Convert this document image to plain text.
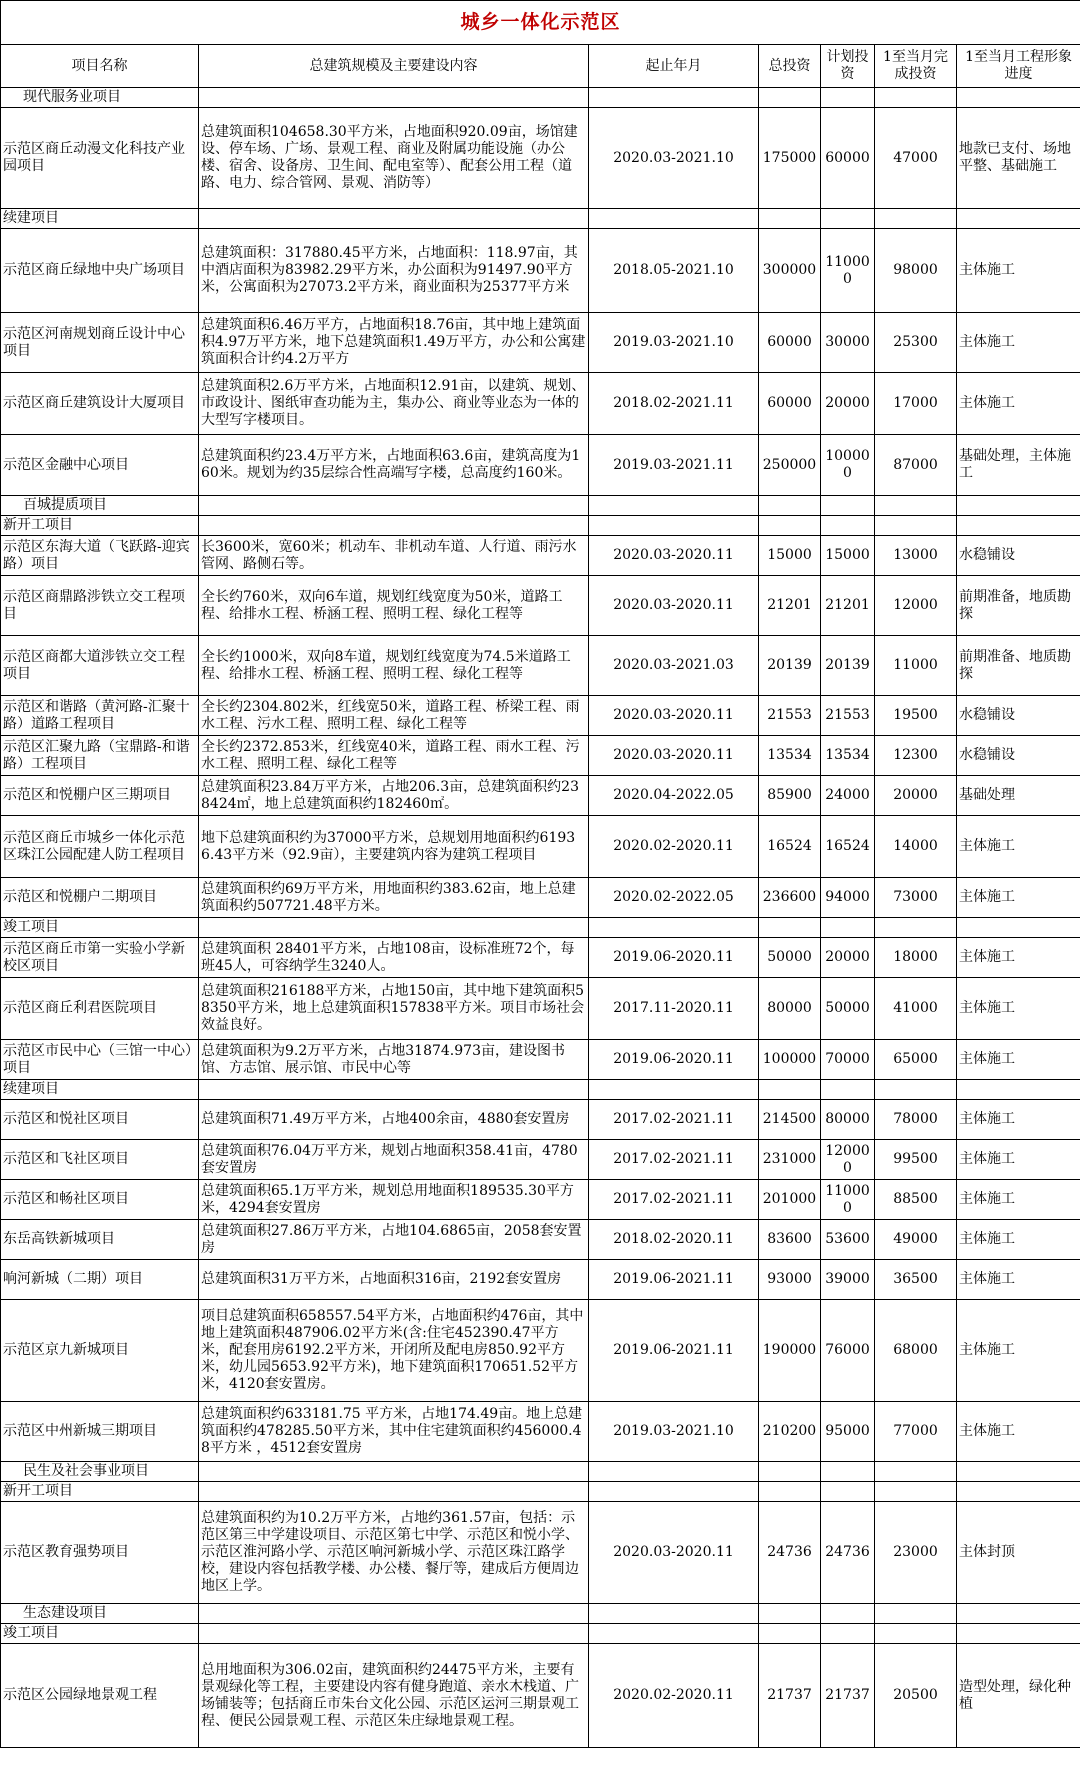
城乡一体化示范区						
项目名称	总建筑规模及主要建设内容	起止年月	总投资	计划投资	1至当月完成投资	1至当月工程形象进度
现代服务业项目						
示范区商丘动漫文化科技产业园项目	总建筑面积104658.30平方米，占地面积920.09亩，场馆建设、停车场、广场、景观工程、商业及附属功能设施（办公楼、宿舍、设备房、卫生间、配电室等）、配套公用工程（道路、电力、综合管网、景观、消防等）	2020.03-2021.10	175000	60000	47000	地款已支付、场地平整、基础施工
续建项目						
示范区商丘绿地中央广场项目	总建筑面积：317880.45平方米，占地面积：118.97亩，其中酒店面积为83982.29平方米，办公面积为91497.90平方米，公寓面积为27073.2平方米，商业面积为25377平方米	2018.05-2021.10	300000	110000	98000	主体施工
示范区河南规划商丘设计中心项目	总建筑面积6.46万平方，占地面积18.76亩，其中地上建筑面积4.97万平方米，地下总建筑面积1.49万平方，办公和公寓建筑面积合计约4.2万平方	2019.03-2021.10	60000	30000	25300	主体施工
示范区商丘建筑设计大厦项目	总建筑面积2.6万平方米，占地面积12.91亩，以建筑、规划、市政设计、图纸审查功能为主，集办公、商业等业态为一体的大型写字楼项目。	2018.02-2021.11	60000	20000	17000	主体施工
示范区金融中心项目	总建筑面积约23.4万平方米，占地面积63.6亩，建筑高度为160米。规划为约35层综合性高端写字楼，总高度约160米。	2019.03-2021.11	250000	100000	87000	基础处理，主体施工
百城提质项目						
新开工项目						
示范区东海大道（飞跃路-迎宾路）项目	长3600米，宽60米；机动车、非机动车道、人行道、雨污水管网、路侧石等。	2020.03-2020.11	15000	15000	13000	水稳铺设
示范区商鼎路涉铁立交工程项目	全长约760米，双向6车道，规划红线宽度为50米，道路工程、给排水工程、桥涵工程、照明工程、绿化工程等	2020.03-2020.11	21201	21201	12000	前期准备，地质勘探
示范区商都大道涉铁立交工程项目	全长约1000米，双向8车道，规划红线宽度为74.5米道路工程、给排水工程、桥涵工程、照明工程、绿化工程等	2020.03-2021.03	20139	20139	11000	前期准备、地质勘探
示范区和谐路（黄河路-汇聚十路）道路工程项目	全长约2304.802米，红线宽50米，道路工程、桥梁工程、雨水工程、污水工程、照明工程、绿化工程等	2020.03-2020.11	21553	21553	19500	水稳铺设
示范区汇聚九路（宝鼎路-和谐路）工程项目	全长约2372.853米，红线宽40米，道路工程、雨水工程、污水工程、照明工程、绿化工程等	2020.03-2020.11	13534	13534	12300	水稳铺设
示范区和悦棚户区三期项目	总建筑面积23.84万平方米，占地206.3亩，总建筑面积约238424㎡，地上总建筑面积约182460㎡。	2020.04-2022.05	85900	24000	20000	基础处理
示范区商丘市城乡一体化示范区珠江公园配建人防工程项目	地下总建筑面积约为37000平方米，总规划用地面积约61936.43平方米（92.9亩），主要建筑内容为建筑工程项目	2020.02-2020.11	16524	16524	14000	主体施工
示范区和悦棚户二期项目	总建筑面积约69万平方米，用地面积约383.62亩，地上总建筑面积约507721.48平方米。	2020.02-2022.05	236600	94000	73000	主体施工
竣工项目						
示范区商丘市第一实验小学新校区项目	总建筑面积 28401平方米，占地108亩，设标准班72个，每班45人，可容纳学生3240人。	2019.06-2020.11	50000	20000	18000	主体施工
示范区商丘利君医院项目	总建筑面积216188平方米，占地150亩，其中地下建筑面积58350平方米，地上总建筑面积157838平方米。项目市场社会效益良好。	2017.11-2020.11	80000	50000	41000	主体施工
示范区市民中心（三馆一中心）项目	总建筑面积为9.2万平方米，占地31874.973亩，建设图书馆、方志馆、展示馆、市民中心等	2019.06-2020.11	100000	70000	65000	主体施工
续建项目						
示范区和悦社区项目	总建筑面积71.49万平方米，占地400余亩，4880套安置房	2017.02-2021.11	214500	80000	78000	主体施工
示范区和飞社区项目	总建筑面积76.04万平方米，规划占地面积358.41亩，4780套安置房	2017.02-2021.11	231000	120000	99500	主体施工
示范区和畅社区项目	总建筑面积65.1万平方米，规划总用地面积189535.30平方米，4294套安置房	2017.02-2021.11	201000	110000	88500	主体施工
东岳高铁新城项目	总建筑面积27.86万平方米，占地104.6865亩，2058套安置房	2018.02-2020.11	83600	53600	49000	主体施工
响河新城（二期）项目	总建筑面积31万平方米，占地面积316亩，2192套安置房	2019.06-2021.11	93000	39000	36500	主体施工
示范区京九新城项目	项目总建筑面积658557.54平方米，占地面积约476亩，其中地上建筑面积487906.02平方米(含:住宅452390.47平方米，配套用房6192.2平方米，开闭所及配电房850.92平方米，幼儿园5653.92平方米)，地下建筑面积170651.52平方米，4120套安置房。	2019.06-2021.11	190000	76000	68000	主体施工
示范区中州新城三期项目	总建筑面积约633181.75 平方米，占地174.49亩。地上总建筑面积约478285.50平方米，其中住宅建筑面积约456000.48平方米 ，4512套安置房	2019.03-2021.10	210200	95000	77000	主体施工
民生及社会事业项目						
新开工项目						
示范区教育强势项目	总建筑面积约为10.2万平方米，占地约361.57亩，包括：示范区第三中学建设项目、示范区第七中学、示范区和悦小学、示范区淮河路小学、示范区响河新城小学、示范区珠江路学校，建设内容包括教学楼、办公楼、餐厅等，建成后方便周边地区上学。	2020.03-2020.11	24736	24736	23000	主体封顶
生态建设项目						
竣工项目						
示范区公园绿地景观工程	总用地面积为306.02亩，建筑面积约24475平方米，主要有景观绿化等工程，主要建设内容有健身跑道、亲水木栈道、广场铺装等；包括商丘市朱台文化公园、示范区运河三期景观工程、便民公园景观工程、示范区朱庄绿地景观工程。	2020.02-2020.11	21737	21737	20500	造型处理，绿化种植
